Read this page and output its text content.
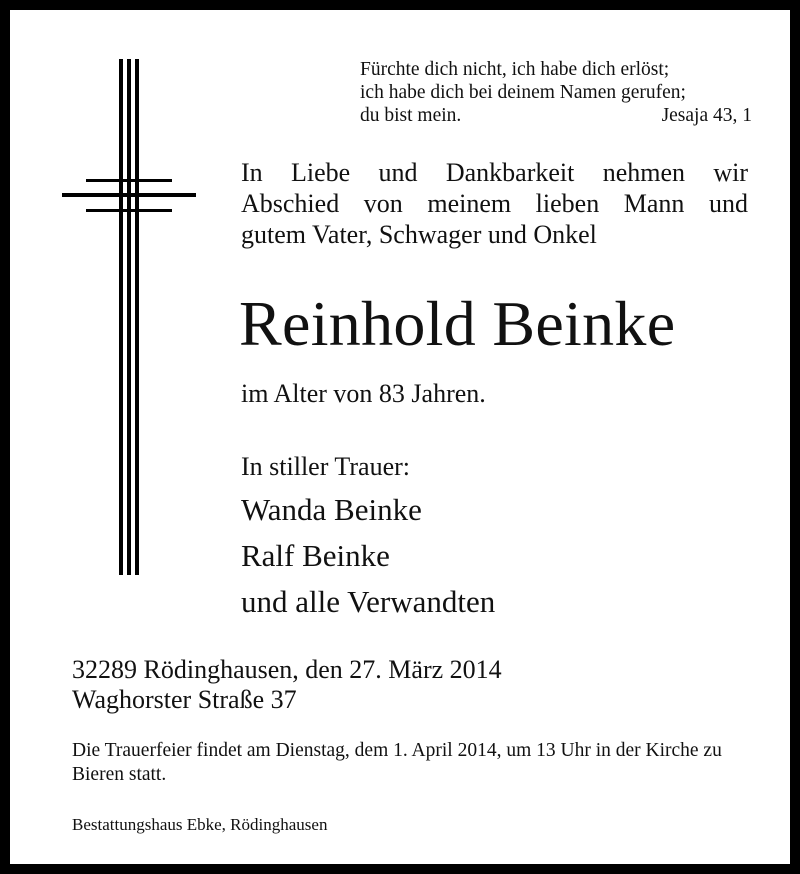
Fürchte dich nicht, ich habe dich erlöst;
ich habe dich bei deinem Namen gerufen;
du bist mein.	Jesaja 43, 1
In Liebe und Dankbarkeit nehmen wir
Abschied von meinem lieben Mann und
gutem Vater, Schwager und Onkel
Reinhold Beinke
im Alter von 83 Jahren.
In stiller Trauer:
Wanda Beinke
Ralf Beinke
und alle Verwandten
32289 Rödinghausen, den 27. März 2014
Waghorster Straße 37
Die Trauerfeier findet am Dienstag, dem 1. April 2014, um 13 Uhr in der Kirche zu Bieren statt.
Bestattungshaus Ebke, Rödinghausen
